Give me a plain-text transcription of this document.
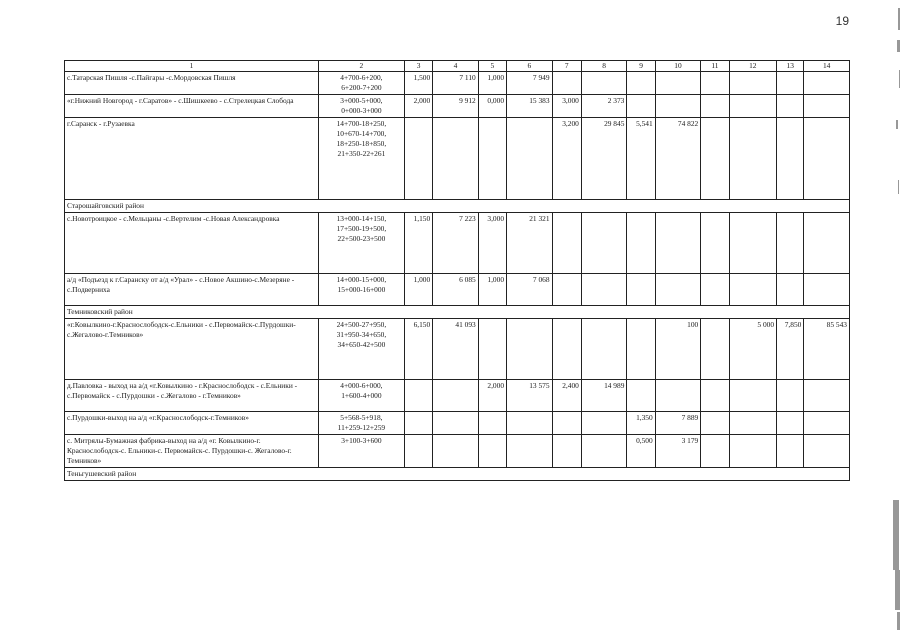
19
1	2	3	4	5	6	7	8	9	10	11	12	13	14
с.Татарская Пишля -с.Пайгары -с.Мордовская Пишля	4+700-6+200,
6+200-7+200	1,500	7 110	1,000	7 949								
«г.Нижний Новгород - г.Саратов» - с.Шишкеево - с.Стрелецкая Слобода	3+000-5+000,
0+000-3+000	2,000	9 912	0,000	15 383	3,000	2 373						
г.Саранск - г.Рузаевка	14+700-18+250,
10+670-14+700,
18+250-18+850,
21+350-22+261					3,200	29 845	5,541	74 822				
Старошайговский район													
с.Новотроицкое - с.Мельцаны -с.Вертелим -с.Новая Александровка	13+000-14+150,
17+500-19+500,
22+500-23+500	1,150	7 223	3,000	21 321								
а/д «Подъезд к г.Саранску от а/д «Урал» - с.Новое Акшино-с.Мезеряне - с.Подверниха	14+000-15+000,
15+000-16+000	1,000	6 085	1,000	7 068								
Темниковский район													
«г.Ковылкино-г.Краснослободск-с.Ельники - с.Первомайск-с.Пурдошки-с.Жегалово-г.Темников»	24+500-27+950,
31+950-34+650,
34+650-42+500	6,150	41 093						100		5 000	7,850	85 543
д.Павловка - выход на а/д «г.Ковылкино - г.Краснослободск - с.Ельники - с.Первомайск - с.Пурдошки - с.Жегалово - г.Темников»	4+000-6+000,
1+600-4+000			2,000	13 575	2,400	14 989						
с.Пурдошки-выход на а/д «г.Краснослободск-г.Темников»	5+568-5+918,
11+259-12+259							1,350	7 889				
с. Митрялы-Бумажная фабрика-выход на а/д «г. Ковылкино-г. Краснослободск-с. Ельники-с. Первомайск-с. Пурдошки-с. Жегалово-г. Темников»	3+100-3+600							0,500	3 179				
Теньгушевский район													
